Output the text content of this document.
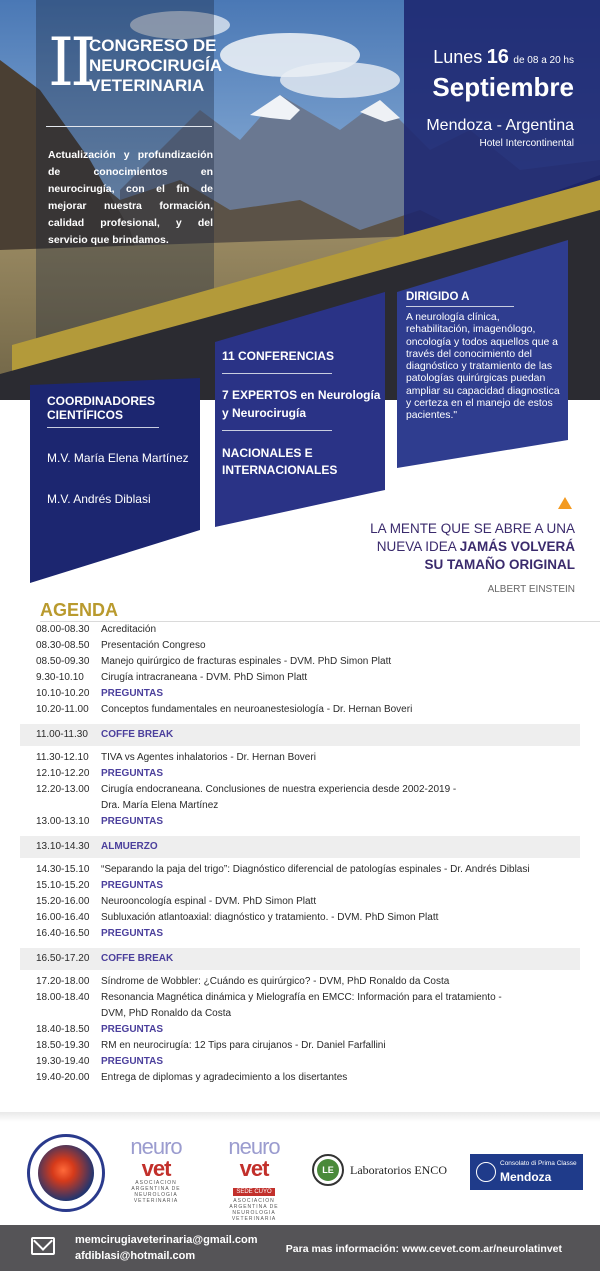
II
CONGRESO DE
NEUROCIRUGÍA
VETERINARIA
Actualización y profundización de conocimientos en neurocirugía, con el fin de mejorar nuestra formación, calidad profesional, y del servicio que brindamos.
Lunes 16 de 08 a 20 hs
Septiembre
Mendoza - Argentina
Hotel Intercontinental
DIRIGIDO A
A neurología clínica, rehabilitación, imagenólogo, oncología y todos aquellos que a través del conocimiento del diagnóstico y tratamiento de las patologías quirúrgicas puedan ampliar su capacidad diagnostica y certeza en el manejo de estos pacientes."
11 CONFERENCIAS
7 EXPERTOS en Neurología y Neurocirugía
NACIONALES E INTERNACIONALES
COORDINADORES CIENTÍFICOS
M.V. María Elena Martínez
M.V. Andrés Diblasi
LA MENTE QUE SE ABRE A UNA
NUEVA IDEA JAMÁS VOLVERÁ
SU TAMAÑO ORIGINAL
ALBERT EINSTEIN
AGENDA
08.00-08.30	Acreditación
08.30-08.50	Presentación Congreso
08.50-09.30	Manejo quirúrgico de fracturas espinales - DVM. PhD Simon Platt
9.30-10.10	Cirugía intracraneana - DVM. PhD Simon Platt
10.10-10.20	PREGUNTAS
10.20-11.00	Conceptos fundamentales en neuroanestesiología - Dr. Hernan Boveri
11.00-11.30	COFFE BREAK
11.30-12.10	TIVA vs Agentes inhalatorios - Dr. Hernan Boveri
12.10-12.20	PREGUNTAS
12.20-13.00	Cirugía endocraneana. Conclusiones de nuestra experiencia desde 2002-2019 -
Dra. María Elena Martínez
13.00-13.10	PREGUNTAS
13.10-14.30	ALMUERZO
14.30-15.10	“Separando la paja del trigo”: Diagnóstico diferencial de patologías espinales - Dr. Andrés Diblasi
15.10-15.20	PREGUNTAS
15.20-16.00	Neurooncología espinal - DVM. PhD Simon Platt
16.00-16.40	Subluxación atlantoaxial: diagnóstico y tratamiento. - DVM. PhD Simon Platt
16.40-16.50	PREGUNTAS
16.50-17.20	COFFE BREAK
17.20-18.00	Síndrome de Wobbler: ¿Cuándo es quirúrgico? - DVM, PhD Ronaldo da Costa
18.00-18.40	Resonancia Magnética dinámica y Mielografía en EMCC: Información para el tratamiento -
DVM, PhD Ronaldo da Costa
18.40-18.50	PREGUNTAS
18.50-19.30	RM en neurocirugía: 12 Tips para cirujanos - Dr. Daniel Farfallini
19.30-19.40	PREGUNTAS
19.40-20.00	Entrega de diplomas y agradecimiento a los disertantes
neuro
vet
ASOCIACION ARGENTINA DE NEUROLOGIA VETERINARIA
neuro
vet
SEDE CUYO
ASOCIACION ARGENTINA DE NEUROLOGIA VETERINARIA
LE	Laboratorios ENCO	Consolato di Prima Classe
Mendoza
memcirugiaveterinaria@gmail.com
afdiblasi@hotmail.com
Para mas información: www.cevet.com.ar/neurolatinvet
